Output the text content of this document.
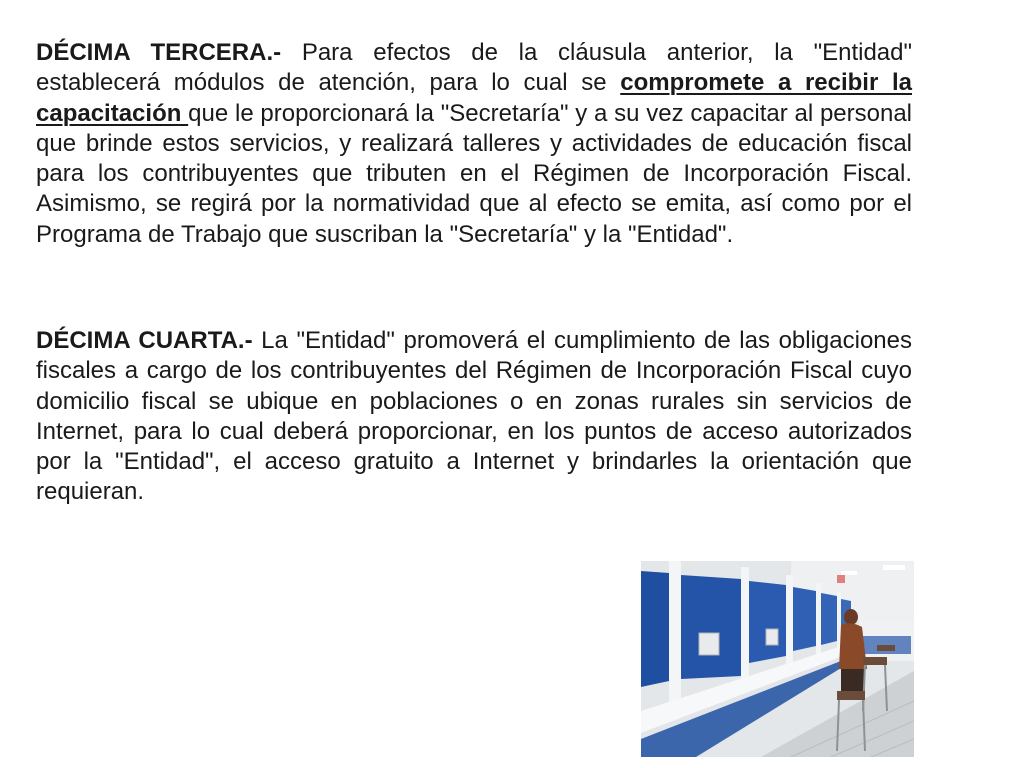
DÉCIMA TERCERA.- Para efectos de la cláusula anterior, la "Entidad" establecerá módulos de atención, para lo cual se compromete a recibir la capacitación que le proporcionará la "Secretaría" y a su vez capacitar al personal que brinde estos servicios, y realizará talleres y actividades de educación fiscal para los contribuyentes que tributen en el Régimen de Incorporación Fiscal. Asimismo, se regirá por la normatividad que al efecto se emita, así como por el Programa de Trabajo que suscriban la "Secretaría" y la "Entidad".
DÉCIMA CUARTA.- La "Entidad" promoverá el cumplimiento de las obligaciones fiscales a cargo de los contribuyentes del Régimen de Incorporación Fiscal cuyo domicilio fiscal se ubique en poblaciones o en zonas rurales sin servicios de Internet, para lo cual deberá proporcionar, en los puntos de acceso autorizados por la "Entidad", el acceso gratuito a Internet y brindarles la orientación que requieran.
